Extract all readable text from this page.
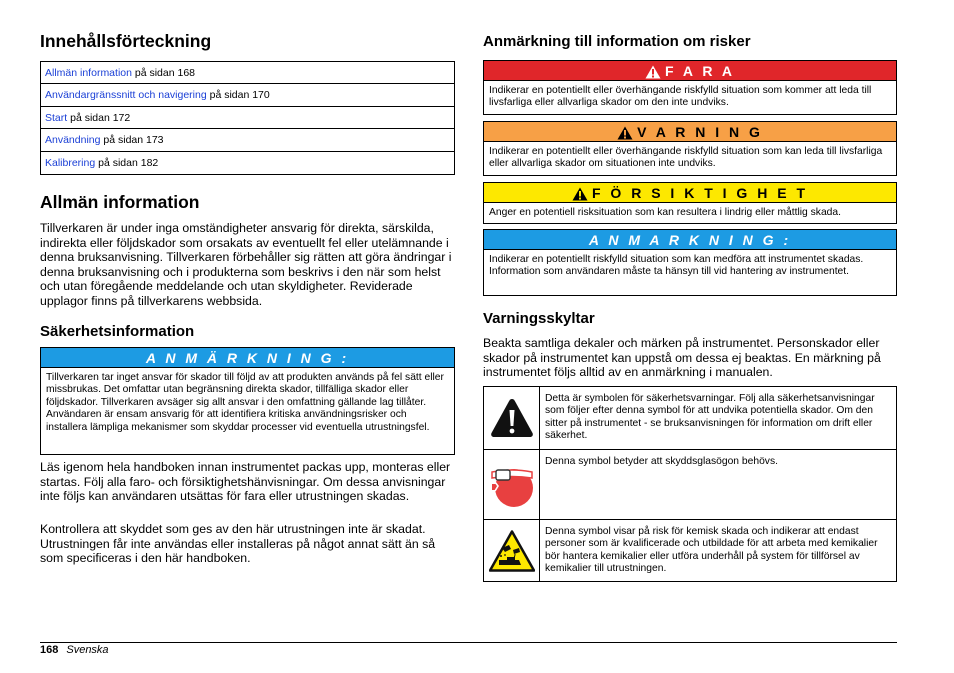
Innehållsförteckning
Allmän information på sidan 168
Användargränssnitt och navigering på sidan 170
Start på sidan 172
Användning på sidan 173
Kalibrering på sidan 182
Allmän information

Tillverkaren är under inga omständigheter ansvarig för direkta, särskilda, indirekta eller följdskador som orsakats av eventuellt fel eller utelämnande i denna bruksanvisning. Tillverkaren förbehåller sig rätten att göra ändringar i denna bruksanvisning och i produkterna som beskrivs i den när som helst och utan föregående meddelande och utan skyldigheter. Reviderade upplagor finns på tillverkarens webbsida.

Säkerhetsinformation
A N M Ä R K N I N G :
Tillverkaren tar inget ansvar för skador till följd av att produkten används på fel sätt eller missbrukas. Det omfattar utan begränsning direkta skador, tillfälliga skador eller följdskador. Tillverkaren avsäger sig allt ansvar i den omfattning gällande lag tillåter. Användaren är ensam ansvarig för att identifiera kritiska användningsrisker och installera lämpliga mekanismer som skyddar processer vid eventuella utrustningsfel.

Läs igenom hela handboken innan instrumentet packas upp, monteras eller startas. Följ alla faro- och försiktighetshänvisningar. Om dessa anvisningar inte följs kan användaren utsättas för fara eller utrustningen skadas.

Kontrollera att skyddet som ges av den här utrustningen inte är skadat. Utrustningen får inte användas eller installeras på något annat sätt än så som specificeras i den här handboken.

Anmärkning till information om risker
F A R A
Indikerar en potentiellt eller överhängande riskfylld situation som kommer att leda till livsfarliga eller allvarliga skador om den inte undviks.
V A R N I N G
Indikerar en potentiellt eller överhängande riskfylld situation som kan leda till livsfarliga eller allvarliga skador om situationen inte undviks.
F Ö R S I K T I G H E T
Anger en potentiell risksituation som kan resultera i lindrig eller måttlig skada.
A N M A R K N I N G :
Indikerar en potentiellt riskfylld situation som kan medföra att instrumentet skadas. Information som användaren måste ta hänsyn till vid hantering av instrumentet.
Varningsskyltar

Beakta samtliga dekaler och märken på instrumentet. Personskador eller skador på instrumentet kan uppstå om dessa ej beaktas. En märkning på instrumentet följs alltid av en anmärkning i manualen.

Detta är symbolen för säkerhetsvarningar. Följ alla säkerhetsanvisningar som följer efter denna symbol för att undvika potentiella skador. Om den sitter på instrumentet - se bruksanvisningen för information om drift eller säkerhet.
Denna symbol betyder att skyddsglasögon behövs.
Denna symbol visar på risk för kemisk skada och indikerar att endast personer som är kvalificerade och utbildade för att arbeta med kemikalier bör hantera kemikalier eller utföra underhåll på system för tillförsel av kemikalier till utrustningen.
168 Svenska
